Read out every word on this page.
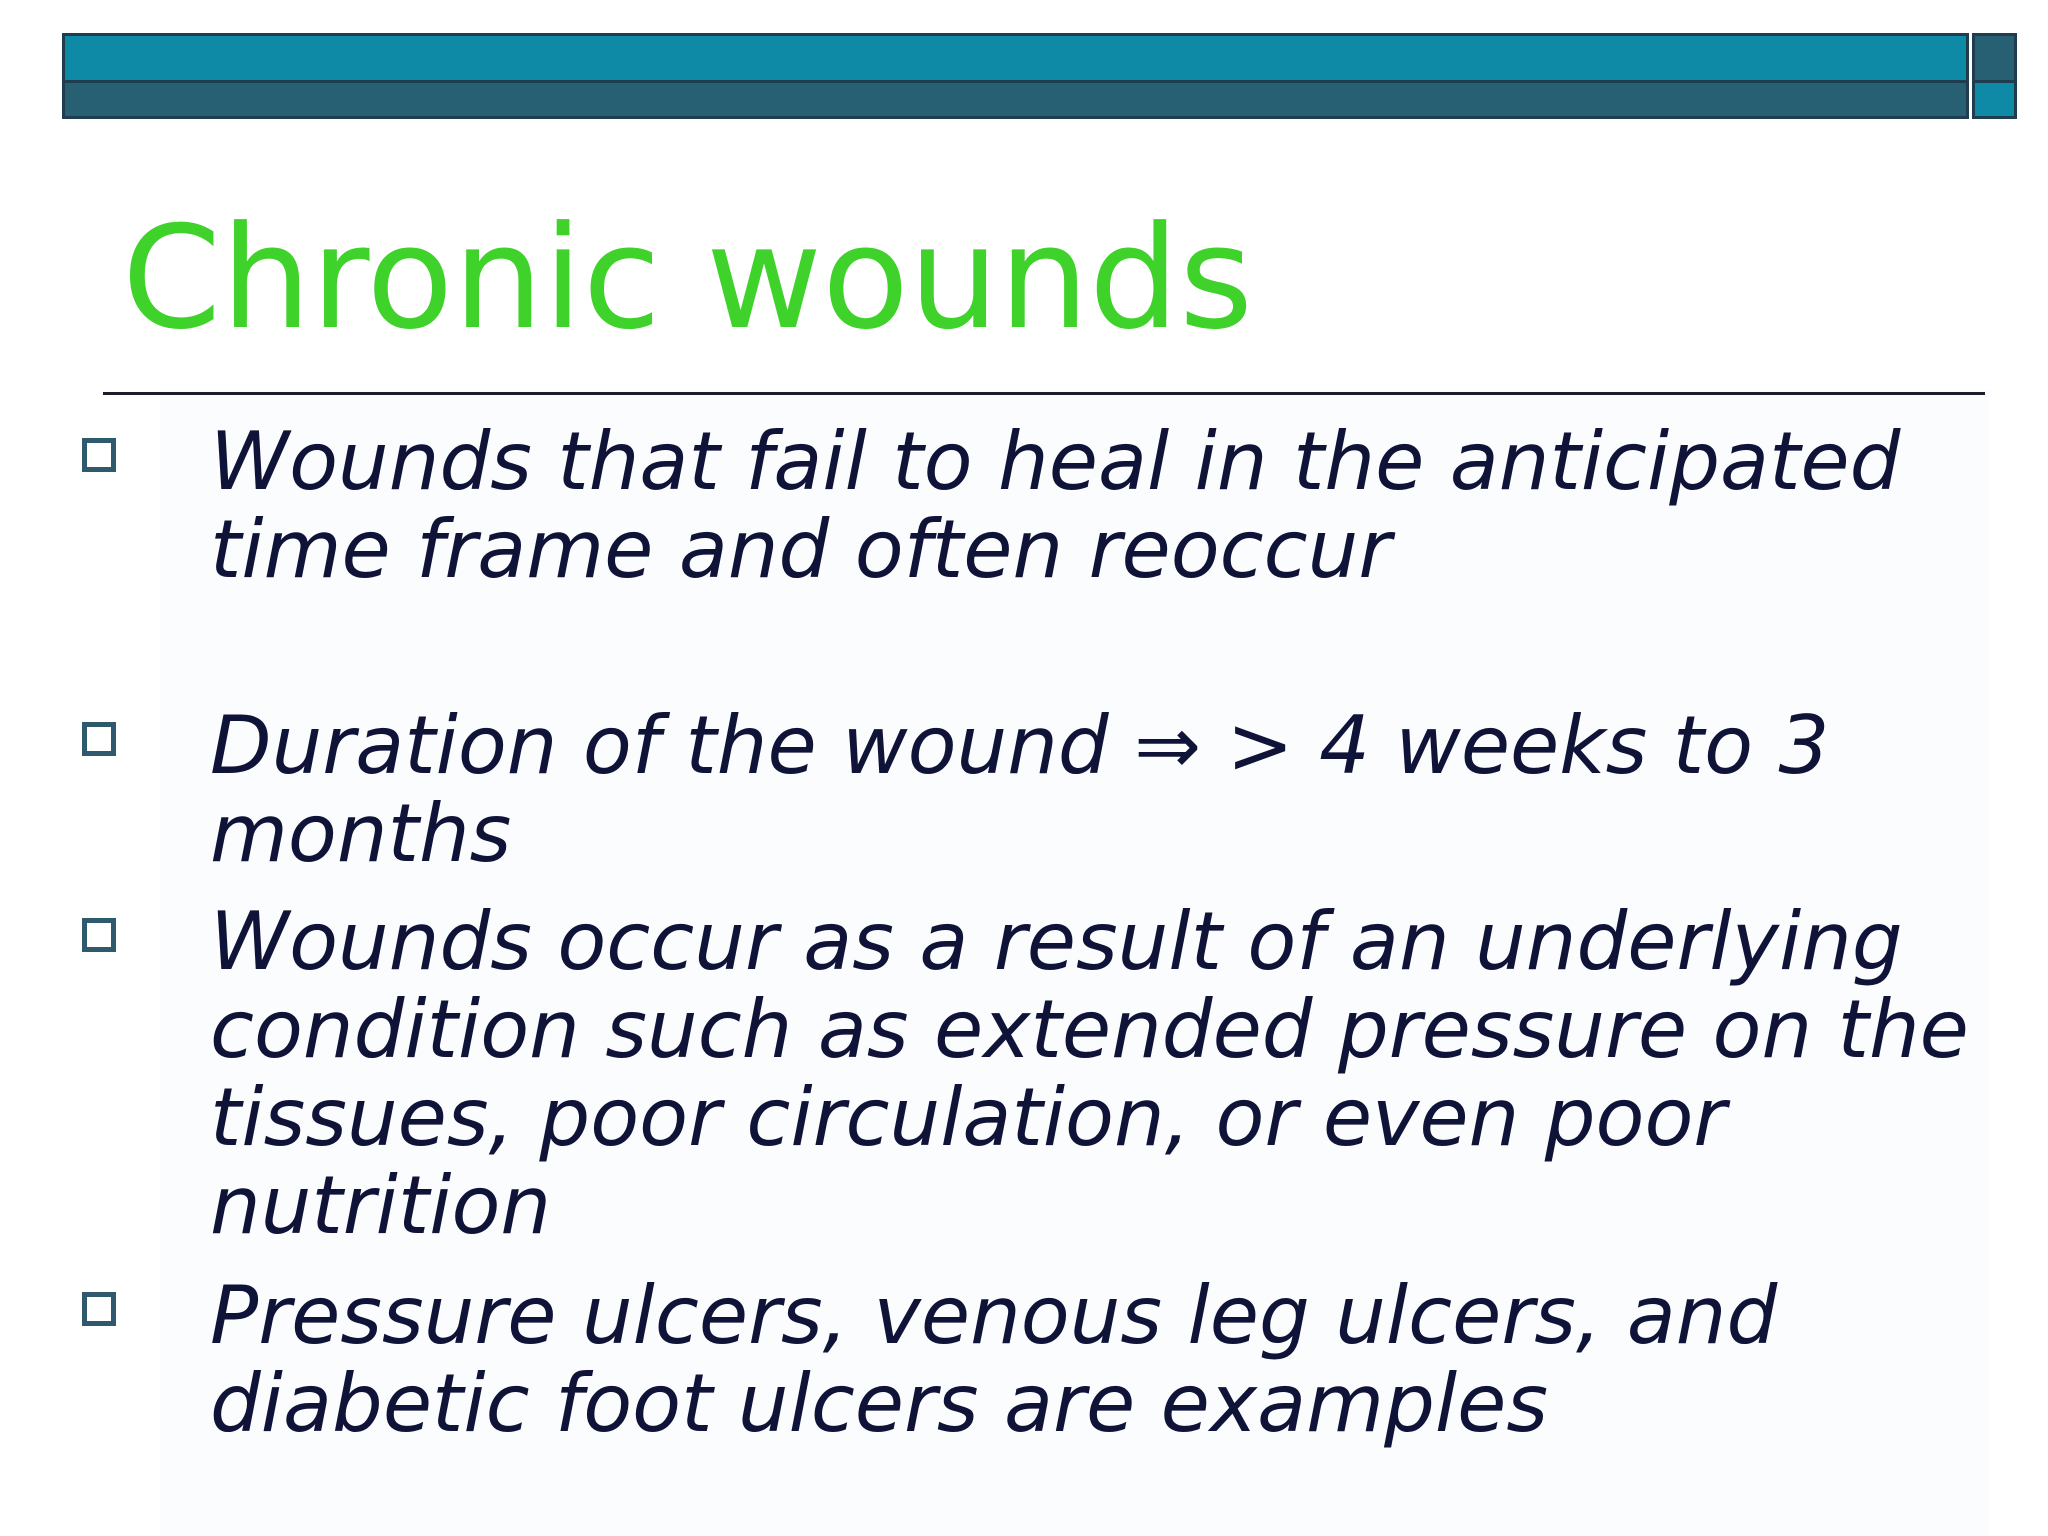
Chronic wounds

Wounds that fail to heal in the anticipated time frame and often reoccur

Duration of the wound ⇒ > 4 weeks to 3 months

Wounds occur as a result of an underlying condition such as extended pressure on the tissues, poor circulation, or even poor nutrition

Pressure ulcers, venous leg ulcers, and diabetic foot ulcers are examples
